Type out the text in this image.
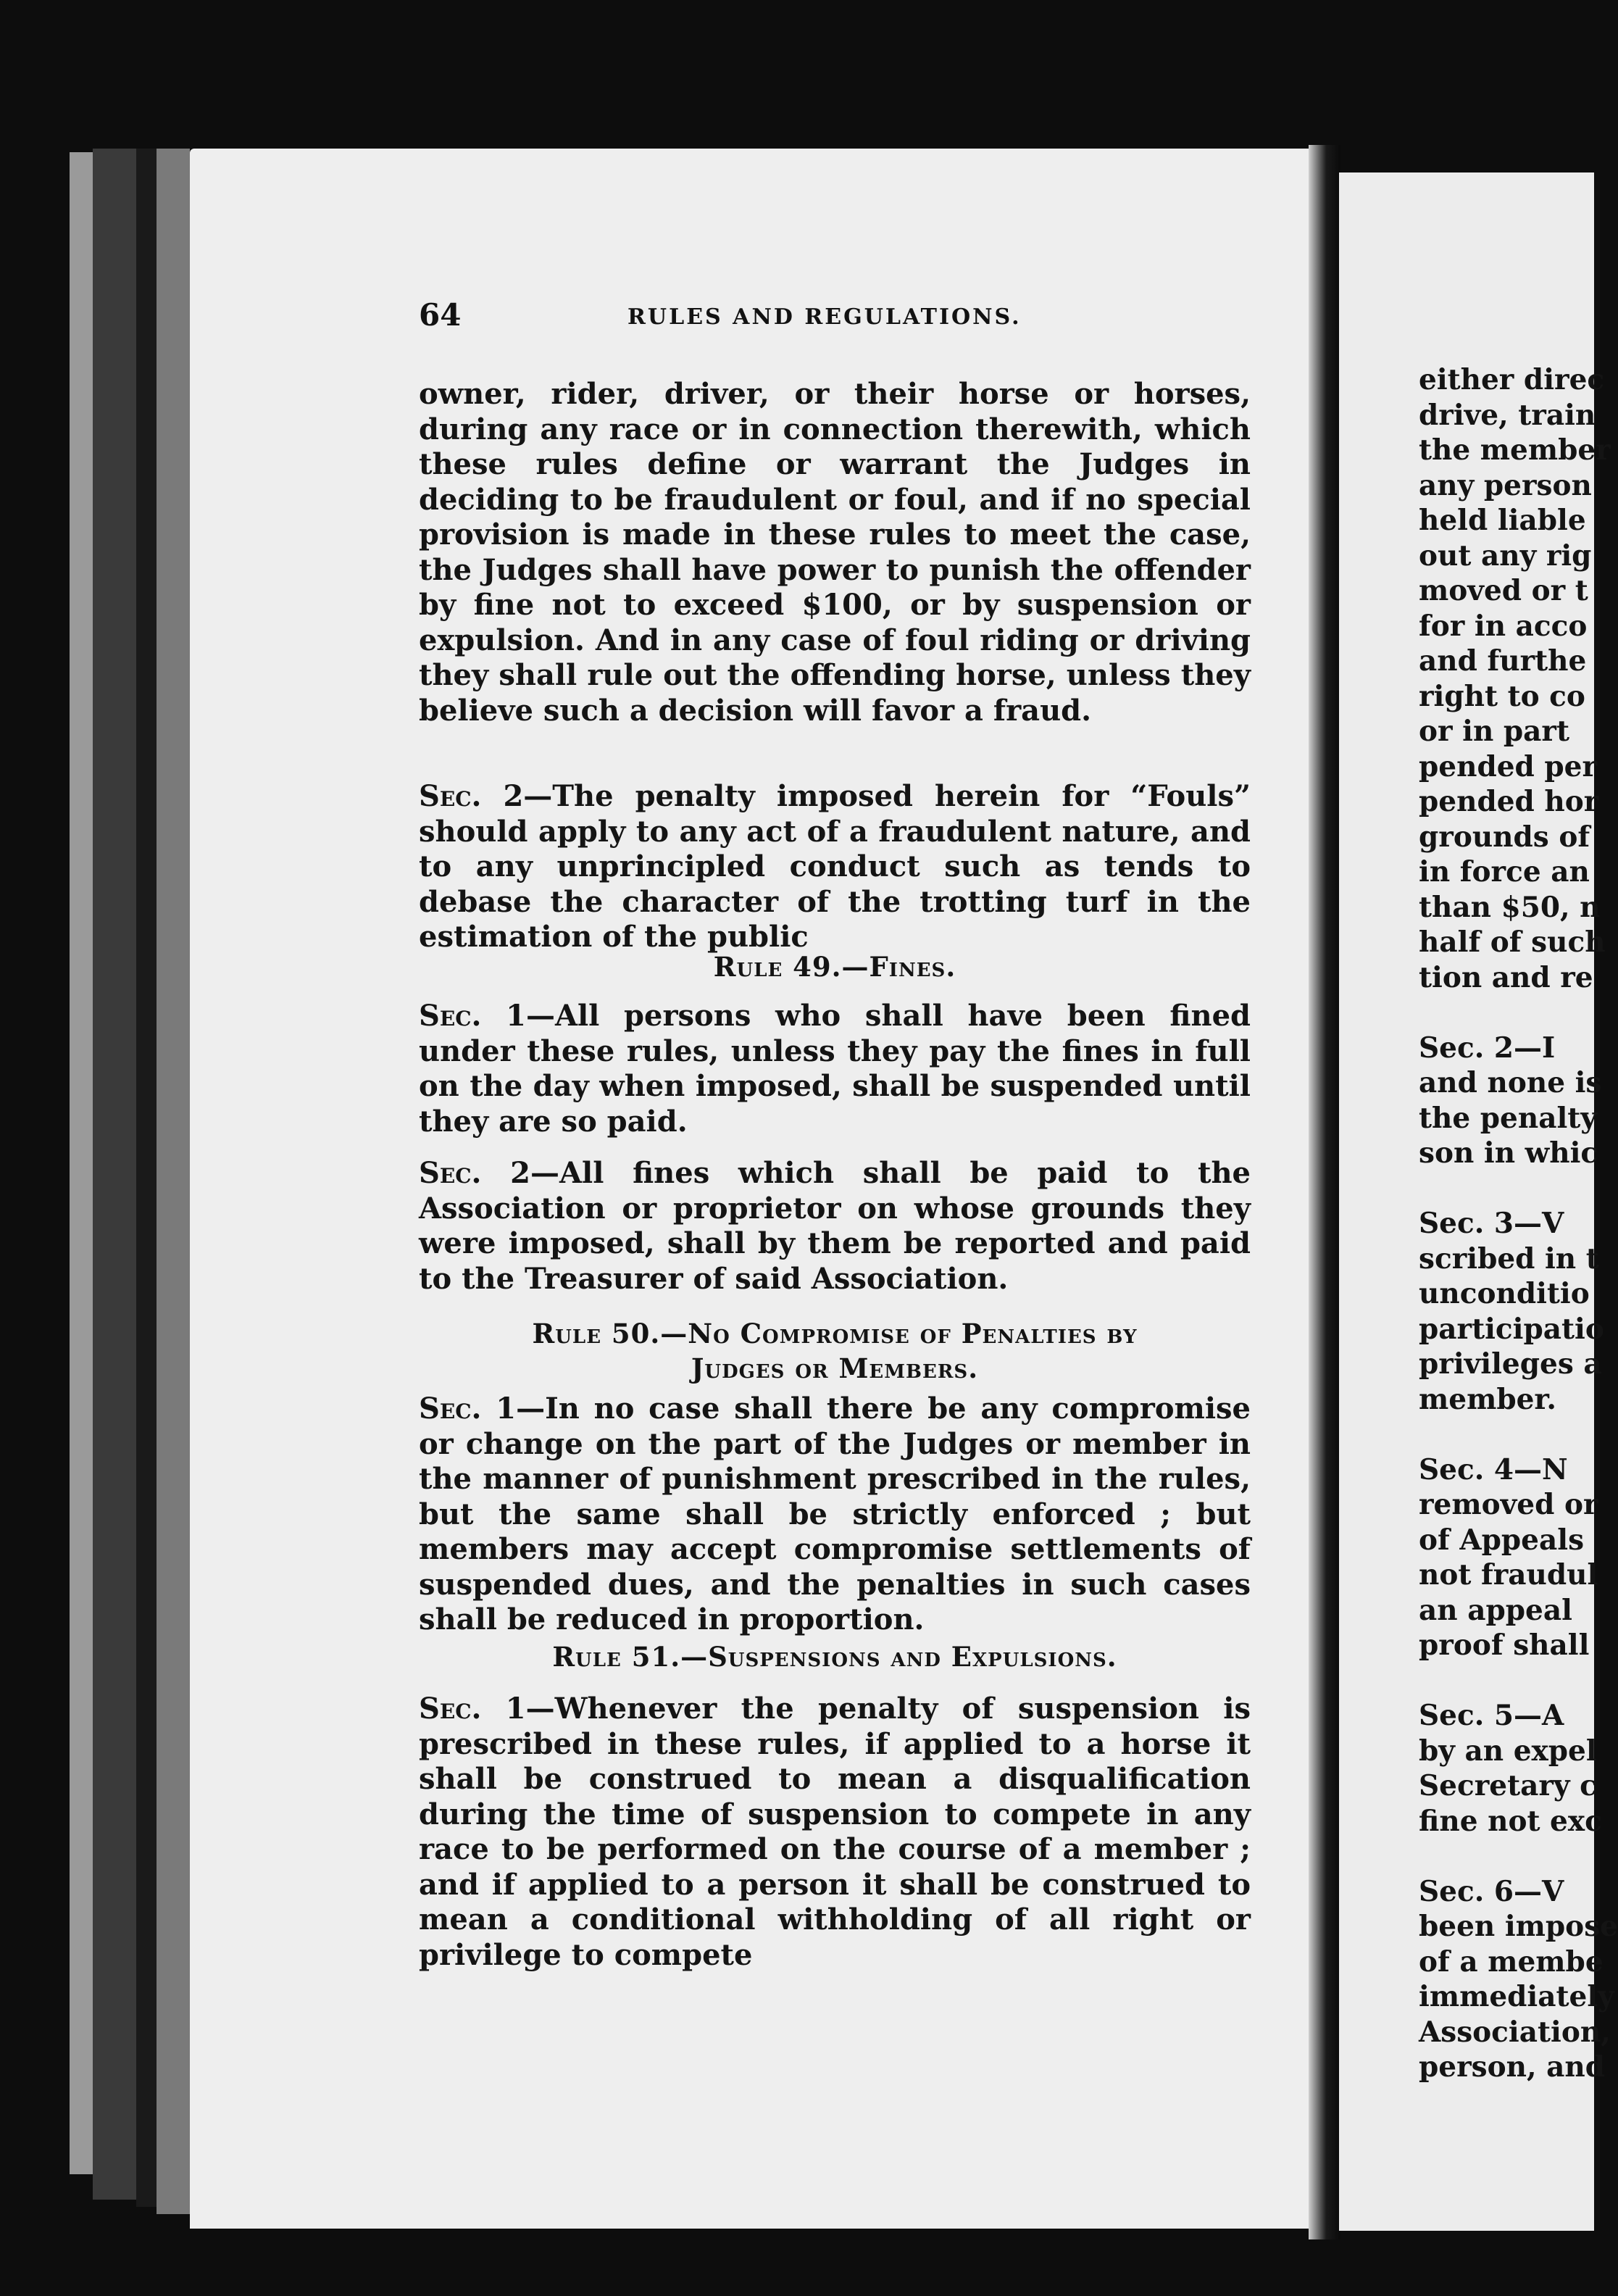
64	RULES AND REGULATIONS.

owner, rider, driver, or their horse or horses, during any race or in connection therewith, which these rules define or warrant the Judges in deciding to be fraudulent or foul, and if no special provision is made in these rules to meet the case, the Judges shall have power to punish the offender by fine not to exceed $100, or by suspension or expulsion. And in any case of foul riding or driving they shall rule out the offending horse, unless they believe such a decision will favor a fraud.

Sec. 2—The penalty imposed herein for “Fouls” should apply to any act of a fraudulent nature, and to any unprincipled conduct such as tends to debase the character of the trotting turf in the estimation of the public

Rule 49.—Fines.

Sec. 1—All persons who shall have been fined under these rules, unless they pay the fines in full on the day when imposed, shall be suspended until they are so paid.

Sec. 2—All fines which shall be paid to the Association or proprietor on whose grounds they were imposed, shall by them be reported and paid to the Treasurer of said Association.

Rule 50.—No Compromise of Penalties by

Judges or Members.

Sec. 1—In no case shall there be any compromise or change on the part of the Judges or member in the manner of punishment prescribed in the rules, but the same shall be strictly enforced ; but members may accept compromise settlements of suspended dues, and the penalties in such cases shall be reduced in proportion.

Rule 51.—Suspensions and Expulsions.

Sec. 1—Whenever the penalty of suspension is prescribed in these rules, if applied to a horse it shall be construed to mean a disqualification during the time of suspension to compete in any race to be performed on the course of a member ; and if applied to a person it shall be construed to mean a conditional withholding of all right or privilege to compete

either direc
drive, train
the member
any person
held liable
out any rig
moved or t
for in acco
and furthe
right to co
or in part
pended per
pended hor
grounds of
in force an
than $50, n
half of such
tion and re
Sec. 2—I
and none is
the penalty
son in whic
Sec. 3—V
scribed in t
unconditio
participatio
privileges a
member.
Sec. 4—N
removed or
of Appeals
not fraudul
an appeal
proof shall
Sec. 5—A
by an expel
Secretary c
fine not exc
Sec. 6—V
been impose
of a membe
immediately
Association,
person, and
